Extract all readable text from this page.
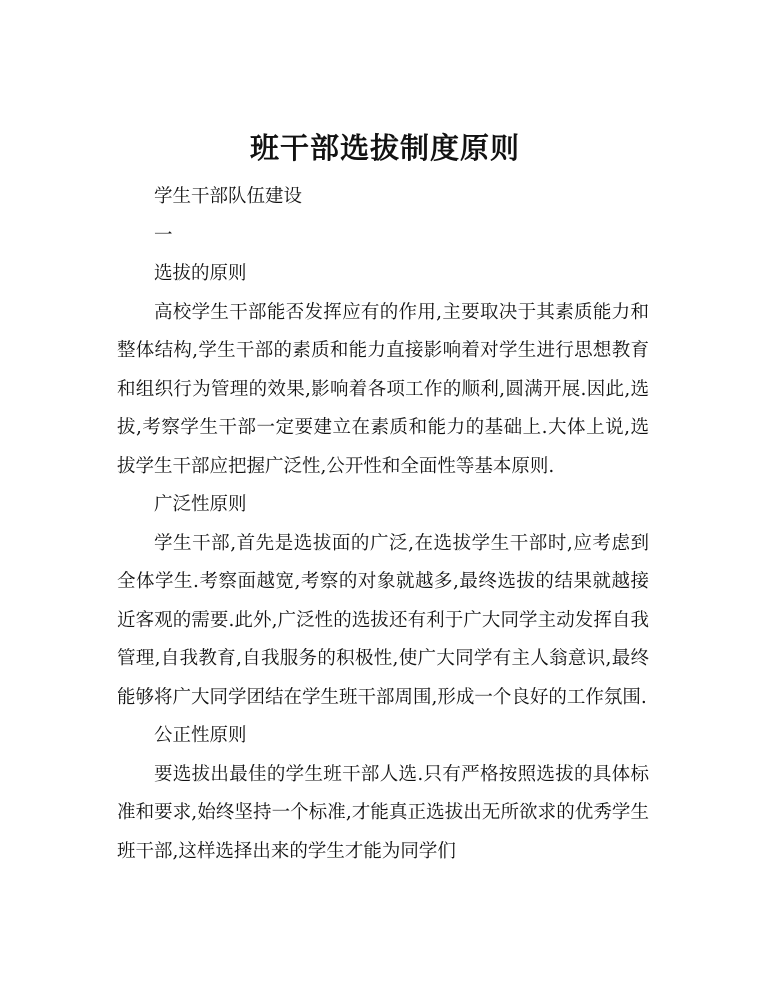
班干部选拔制度原则

学生干部队伍建设

一

选拔的原则

高校学生干部能否发挥应有的作用,主要取决于其素质能力和整体结构,学生干部的素质和能力直接影响着对学生进行思想教育和组织行为管理的效果,影响着各项工作的顺利,圆满开展.因此,选拔,考察学生干部一定要建立在素质和能力的基础上.大体上说,选拔学生干部应把握广泛性,公开性和全面性等基本原则.

广泛性原则

学生干部,首先是选拔面的广泛,在选拔学生干部时,应考虑到全体学生.考察面越宽,考察的对象就越多,最终选拔的结果就越接近客观的需要.此外,广泛性的选拔还有利于广大同学主动发挥自我管理,自我教育,自我服务的积极性,使广大同学有主人翁意识,最终能够将广大同学团结在学生班干部周围,形成一个良好的工作氛围.

公正性原则

要选拔出最佳的学生班干部人选.只有严格按照选拔的具体标准和要求,始终坚持一个标准,才能真正选拔出无所欲求的优秀学生班干部,这样选择出来的学生才能为同学们
